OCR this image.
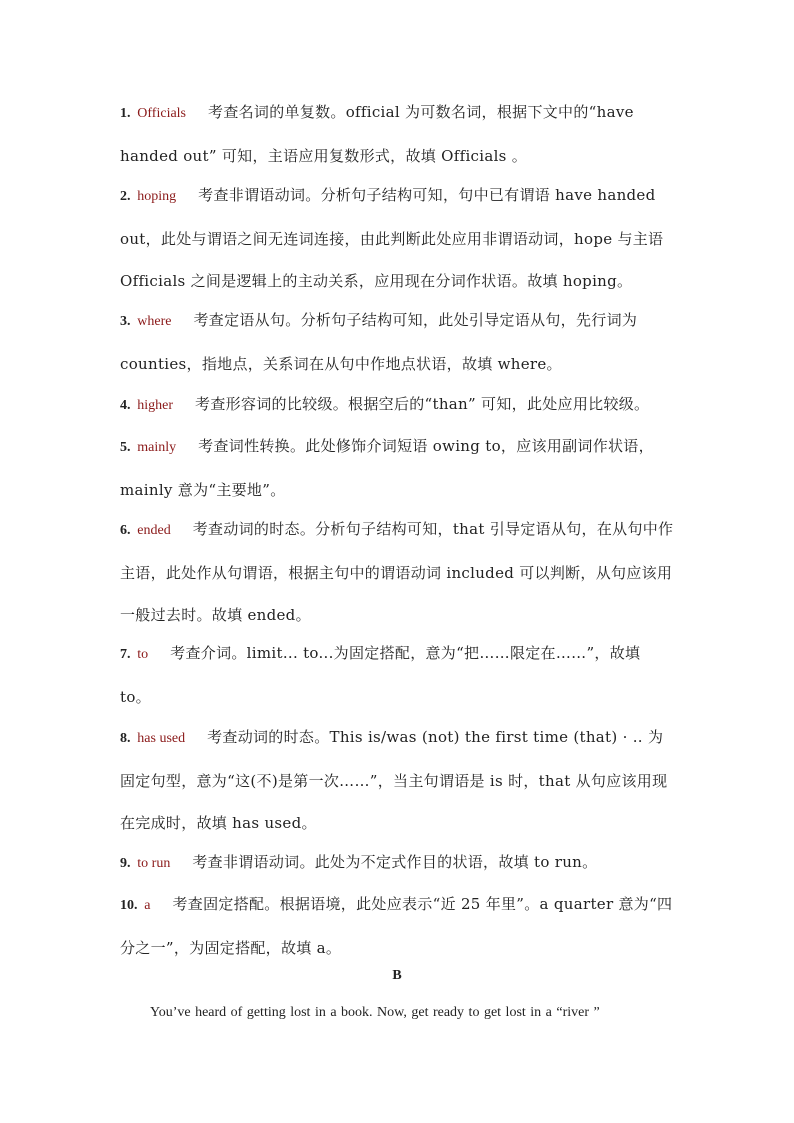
1. Officials 考查名词的单复数。official 为可数名词，根据下文中的“have handed out” 可知，主语应用复数形式，故填 Officials 。
2. hoping 考查非谓语动词。分析句子结构可知，句中已有谓语 have handed out，此处与谓语之间无连词连接，由此判断此处应用非谓语动词，hope 与主语 Officials 之间是逻辑上的主动关系，应用现在分词作状语。故填 hoping。
3. where 考查定语从句。分析句子结构可知，此处引导定语从句，先行词为 counties，指地点，关系词在从句中作地点状语，故填 where。
4. higher 考查形容词的比较级。根据空后的“than” 可知，此处应用比较级。
5. mainly 考查词性转换。此处修饰介词短语 owing to，应该用副词作状语，mainly 意为“主要地”。
6. ended 考查动词的时态。分析句子结构可知，that 引导定语从句，在从句中作主语，此处作从句谓语，根据主句中的谓语动词 included 可以判断，从句应该用一般过去时。故填 ended。
7. to 考查介词。limit... to...为固定搭配，意为“把……限定在……”，故填 to。
8. has used 考查动词的时态。This is/was (not) the first time (that) · .. 为固定句型，意为“这(不)是第一次……”，当主句谓语是 is 时，that 从句应该用现在完成时，故填 has used。
9. to run 考查非谓语动词。此处为不定式作目的状语，故填 to run。
10. a 考查固定搭配。根据语境，此处应表示“近 25 年里”。a quarter 意为“四分之一”，为固定搭配，故填 a。
B
You’ve heard of getting lost in a book. Now, get ready to get lost in a “river ”
